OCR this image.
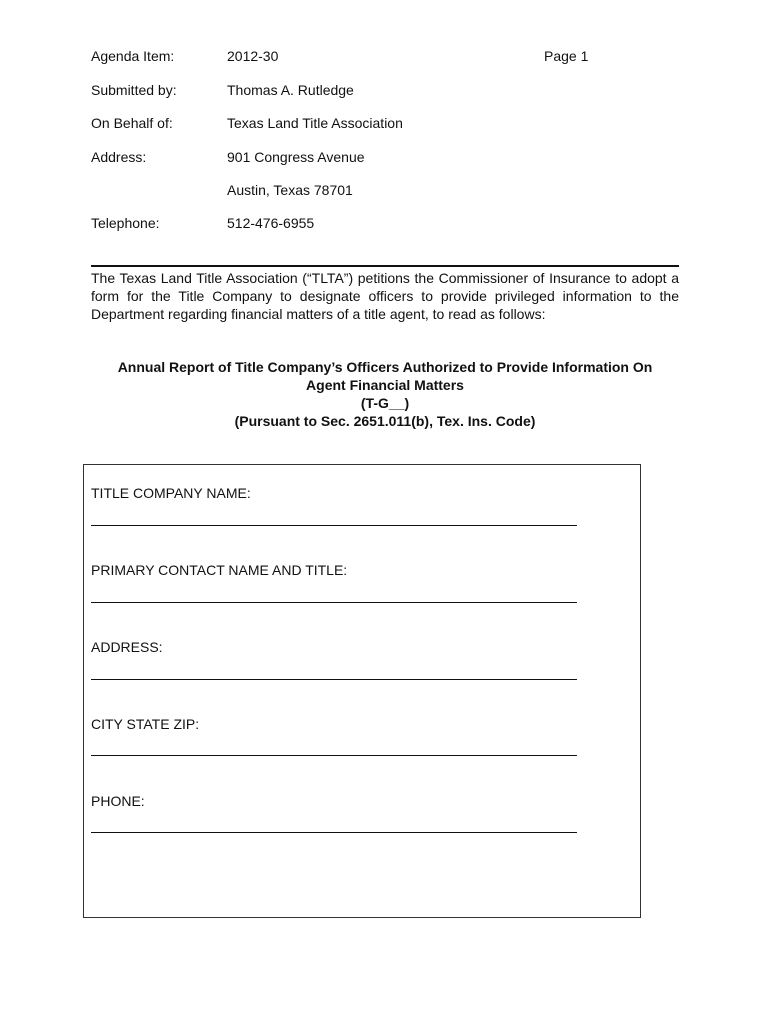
Agenda Item:	2012-30	Page 1
Submitted by:	Thomas A. Rutledge
On Behalf of:	Texas Land Title Association
Address:	901 Congress Avenue
Austin, Texas 78701
Telephone:	512-476-6955

The Texas Land Title Association (“TLTA”) petitions the Commissioner of Insurance to adopt a form for the Title Company to designate officers to provide privileged information to the Department regarding financial matters of a title agent, to read as follows:

Annual Report of Title Company’s Officers Authorized to Provide Information On
Agent Financial Matters
(T-G__)
(Pursuant to Sec. 2651.011(b), Tex. Ins. Code)
TITLE COMPANY NAME:
PRIMARY CONTACT NAME AND TITLE:
ADDRESS:
CITY STATE ZIP:
PHONE:
